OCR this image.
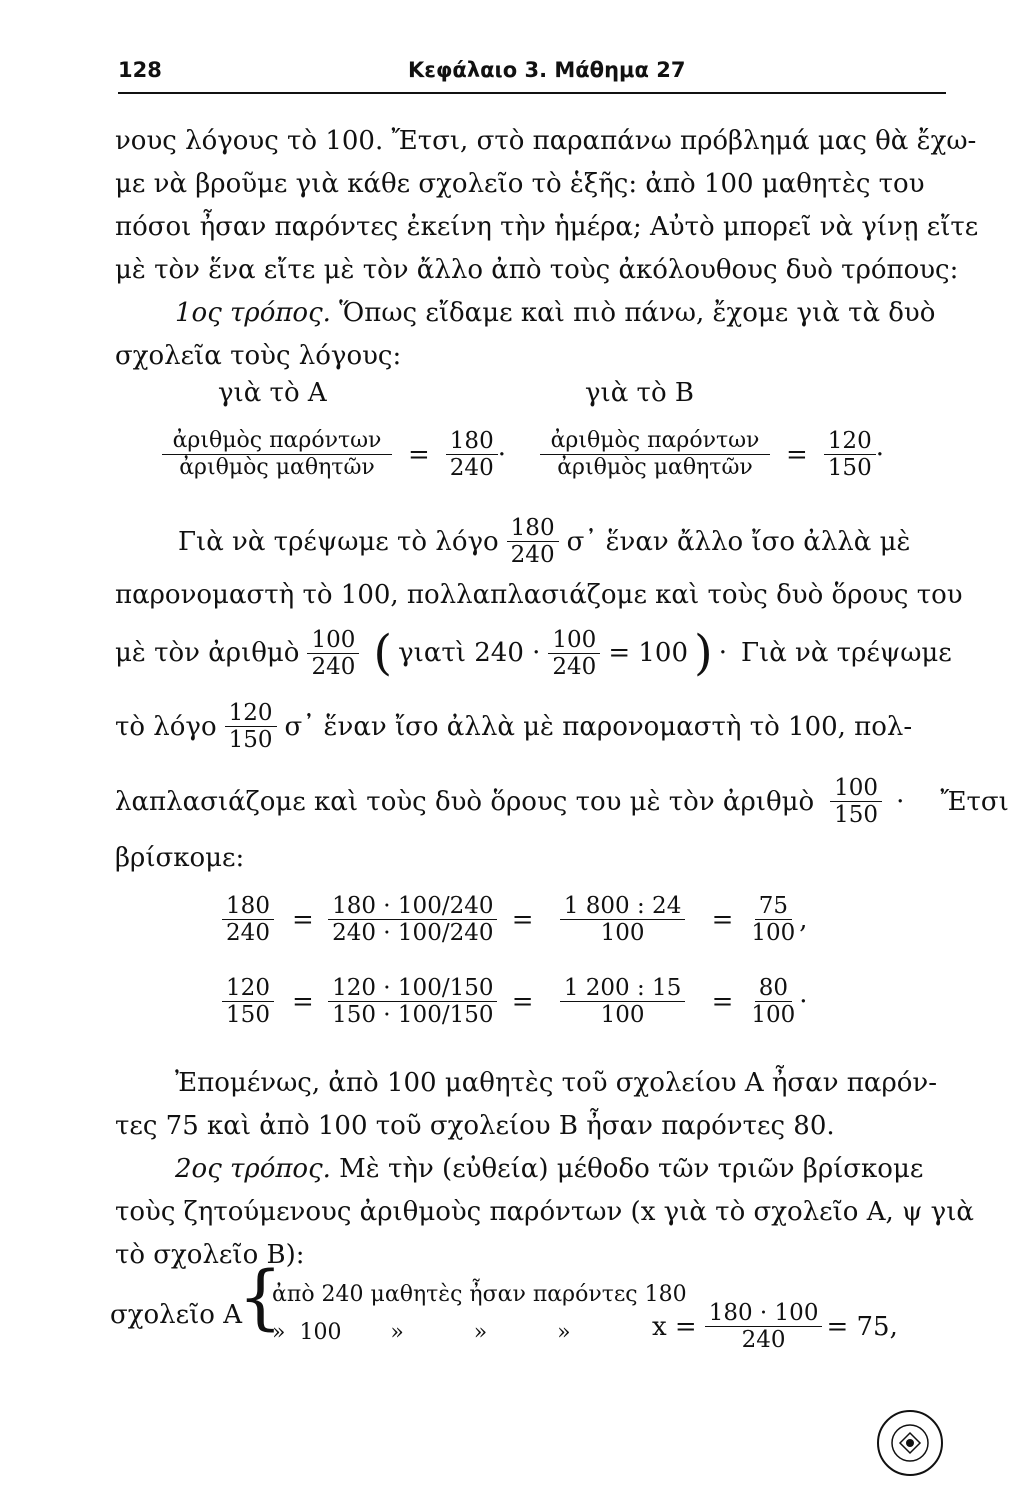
128	Κεφάλαιο 3. Μάθημα 27
νους λόγους τὸ 100. Ἔτσι, στὸ παραπάνω πρόβλημά μας θὰ ἔχω-
με νὰ βροῦμε γιὰ κάθε σχολεῖο τὸ ἑξῆς: ἀπὸ 100 μαθητὲς του
πόσοι ἦσαν παρόντες ἐκείνη τὴν ἡμέρα; Αὐτὸ μπορεῖ νὰ γίνῃ εἴτε
μὲ τὸν ἕνα εἴτε μὲ τὸν ἄλλο ἀπὸ τοὺς ἀκόλουθους δυὸ τρόπους:
1ος τρόπος. Ὅπως εἴδαμε καὶ πιὸ πάνω, ἔχομε γιὰ τὰ δυὸ
σχολεῖα τοὺς λόγους:
γιὰ τὸ Α	γιὰ τὸ Β
$\frac{\text{ἀριθμὸς παρόντων}}{\text{ἀριθμὸς μαθητῶν}} = \frac{180}{240} \cdot \frac{\text{ἀριθμὸς παρόντων}}{\text{ἀριθμὸς μαθητῶν}} = \frac{120}{150}$ ·
Γιὰ νὰ τρέψωμε τὸ λόγο $\frac{180}{240}$ σ᾽ ἕναν ἄλλο ἴσο ἀλλὰ μὲ
παρονομαστὴ τὸ 100, πολλαπλασιάζομε καὶ τοὺς δυὸ ὅρους του
μὲ τὸν ἀριθμὸ $\frac{100}{240}$ ( γιατὶ $240 \cdot \frac{100}{240} = 100$ ) · Γιὰ νὰ τρέψωμε
τὸ λόγο $\frac{120}{150}$ σ᾽ ἕναν ἴσο ἀλλὰ μὲ παρονομαστὴ τὸ 100, πολ-
λαπλασιάζομε καὶ τοὺς δυὸ ὅρους του μὲ τὸν ἀριθμὸ $\frac{100}{150}$ · Ἔτσι
βρίσκομε:
$\frac{180}{240} = \frac{180 \cdot 100/240}{240 \cdot 100/240} = \frac{1 800 : 24}{100} = \frac{75}{100}$ ,
$\frac{120}{150} = \frac{120 \cdot 100/150}{150 \cdot 100/150} = \frac{1 200 : 15}{100} = \frac{80}{100}$ ·
Ἐπομένως, ἀπὸ 100 μαθητὲς τοῦ σχολείου Α ἦσαν παρόν-
τες 75 καὶ ἀπὸ 100 τοῦ σχολείου Β ἦσαν παρόντες 80.
2ος τρόπος. Μὲ τὴν (εὐθεία) μέθοδο τῶν τριῶν βρίσκομε
τοὺς ζητούμενους ἀριθμοὺς παρόντων (x γιὰ τὸ σχολεῖο Α, ψ γιὰ
τὸ σχολεῖο Β):
σχολεῖο Α
{
ἀπὸ 240 μαθητὲς ἦσαν παρόντες 180
»  100       »          »          »	$x = \frac{180 \cdot 100}{240} = 75$,
